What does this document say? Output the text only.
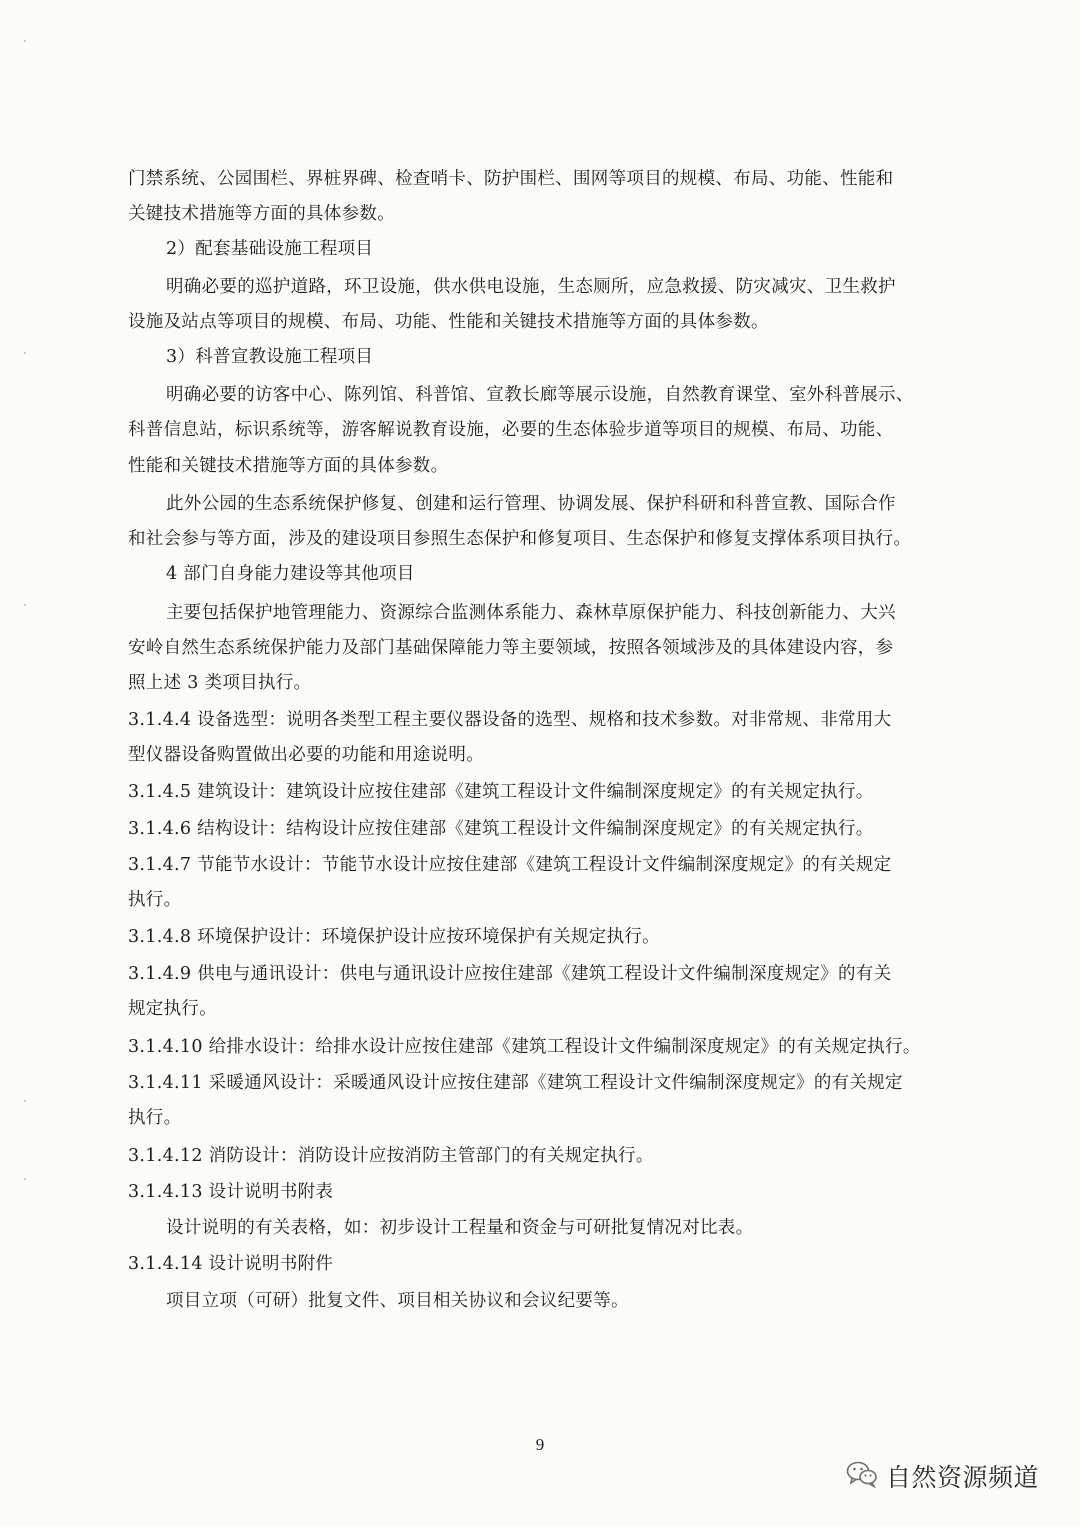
门禁系统、公园围栏、界桩界碑、检查哨卡、防护围栏、围网等项目的规模、布局、功能、性能和
关键技术措施等方面的具体参数。
2）配套基础设施工程项目
明确必要的巡护道路，环卫设施，供水供电设施，生态厕所，应急救援、防灾减灾、卫生救护
设施及站点等项目的规模、布局、功能、性能和关键技术措施等方面的具体参数。
3）科普宣教设施工程项目
明确必要的访客中心、陈列馆、科普馆、宣教长廊等展示设施，自然教育课堂、室外科普展示、
科普信息站，标识系统等，游客解说教育设施，必要的生态体验步道等项目的规模、布局、功能、
性能和关键技术措施等方面的具体参数。
此外公园的生态系统保护修复、创建和运行管理、协调发展、保护科研和科普宣教、国际合作
和社会参与等方面，涉及的建设项目参照生态保护和修复项目、生态保护和修复支撑体系项目执行。
4 部门自身能力建设等其他项目
主要包括保护地管理能力、资源综合监测体系能力、森林草原保护能力、科技创新能力、大兴
安岭自然生态系统保护能力及部门基础保障能力等主要领域，按照各领域涉及的具体建设内容，参
照上述 3 类项目执行。
3.1.4.4 设备选型：说明各类型工程主要仪器设备的选型、规格和技术参数。对非常规、非常用大
型仪器设备购置做出必要的功能和用途说明。
3.1.4.5 建筑设计：建筑设计应按住建部《建筑工程设计文件编制深度规定》的有关规定执行。
3.1.4.6 结构设计：结构设计应按住建部《建筑工程设计文件编制深度规定》的有关规定执行。
3.1.4.7 节能节水设计：节能节水设计应按住建部《建筑工程设计文件编制深度规定》的有关规定
执行。
3.1.4.8 环境保护设计：环境保护设计应按环境保护有关规定执行。
3.1.4.9 供电与通讯设计：供电与通讯设计应按住建部《建筑工程设计文件编制深度规定》的有关
规定执行。
3.1.4.10 给排水设计：给排水设计应按住建部《建筑工程设计文件编制深度规定》的有关规定执行。
3.1.4.11 采暖通风设计：采暖通风设计应按住建部《建筑工程设计文件编制深度规定》的有关规定
执行。
3.1.4.12 消防设计：消防设计应按消防主管部门的有关规定执行。
3.1.4.13 设计说明书附表
设计说明的有关表格，如：初步设计工程量和资金与可研批复情况对比表。
3.1.4.14 设计说明书附件
项目立项（可研）批复文件、项目相关协议和会议纪要等。
9
自然资源频道
